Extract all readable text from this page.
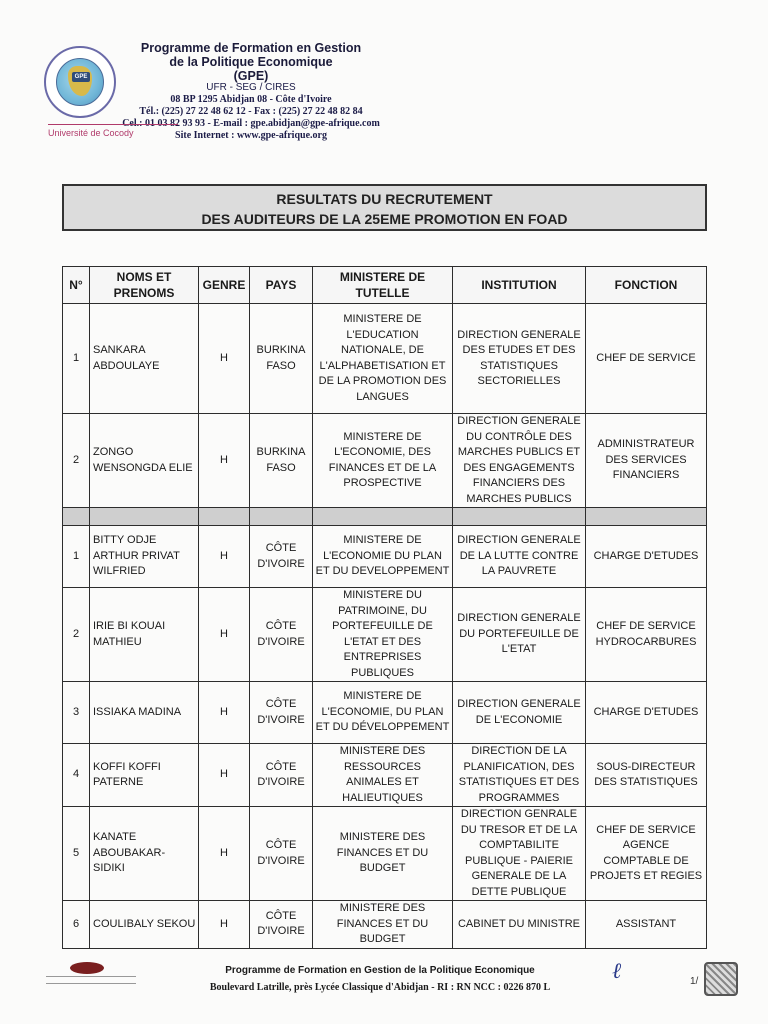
GPE
Programme de Formation en Gestion
de la Politique Economique
(GPE)
UFR - SEG / CIRES
08 BP 1295 Abidjan 08 - Côte d'Ivoire
Tél.: (225) 27 22 48 62 12 - Fax : (225) 27 22 48 82 84
Cel.: 01 03 82 93 93 - E-mail : gpe.abidjan@gpe-afrique.com
Site Internet : www.gpe-afrique.org
Université de Cocody
RESULTATS DU RECRUTEMENT
DES AUDITEURS DE LA 25EME PROMOTION EN FOAD
N°	NOMS ET PRENOMS	GENRE	PAYS	MINISTERE DE TUTELLE	INSTITUTION	FONCTION
1	SANKARA ABDOULAYE	H	BURKINA FASO	MINISTERE DE L'EDUCATION NATIONALE, DE L'ALPHABETISATION ET DE LA PROMOTION DES LANGUES	DIRECTION GENERALE DES ETUDES ET DES STATISTIQUES SECTORIELLES	CHEF DE SERVICE
2	ZONGO WENSONGDA ELIE	H	BURKINA FASO	MINISTERE DE L'ECONOMIE, DES FINANCES ET DE LA PROSPECTIVE	DIRECTION GENERALE DU CONTRÔLE DES MARCHES PUBLICS ET DES ENGAGEMENTS FINANCIERS DES MARCHES PUBLICS	ADMINISTRATEUR DES SERVICES FINANCIERS

1	BITTY ODJE ARTHUR PRIVAT WILFRIED	H	CÔTE D'IVOIRE	MINISTERE DE L'ECONOMIE DU PLAN ET DU DEVELOPPEMENT	DIRECTION GENERALE DE LA LUTTE CONTRE LA PAUVRETE	CHARGE D'ETUDES
2	IRIE BI KOUAI MATHIEU	H	CÔTE D'IVOIRE	MINISTERE DU PATRIMOINE, DU PORTEFEUILLE DE L'ETAT ET DES ENTREPRISES PUBLIQUES	DIRECTION GENERALE DU PORTEFEUILLE DE L'ETAT	CHEF DE SERVICE HYDROCARBURES
3	ISSIAKA MADINA	H	CÔTE D'IVOIRE	MINISTERE DE L'ECONOMIE, DU PLAN ET DU DÉVELOPPEMENT	DIRECTION GENERALE DE L'ECONOMIE	CHARGE D'ETUDES
4	KOFFI KOFFI PATERNE	H	CÔTE D'IVOIRE	MINISTERE DES RESSOURCES ANIMALES ET HALIEUTIQUES	DIRECTION DE LA PLANIFICATION, DES STATISTIQUES ET DES PROGRAMMES	SOUS-DIRECTEUR DES STATISTIQUES
5	KANATE ABOUBAKAR-SIDIKI	H	CÔTE D'IVOIRE	MINISTERE DES FINANCES ET DU BUDGET	DIRECTION GENRALE DU TRESOR ET DE LA COMPTABILITE PUBLIQUE - PAIERIE GENERALE DE LA DETTE PUBLIQUE	CHEF DE SERVICE AGENCE COMPTABLE DE PROJETS ET REGIES
6	COULIBALY SEKOU	H	CÔTE D'IVOIRE	MINISTERE DES FINANCES ET DU BUDGET	CABINET DU MINISTRE	ASSISTANT
Programme de Formation en Gestion de la Politique Economique
Boulevard Latrille, près Lycée Classique d'Abidjan - RI : RN NCC : 0226 870 L
ℓ	1/
